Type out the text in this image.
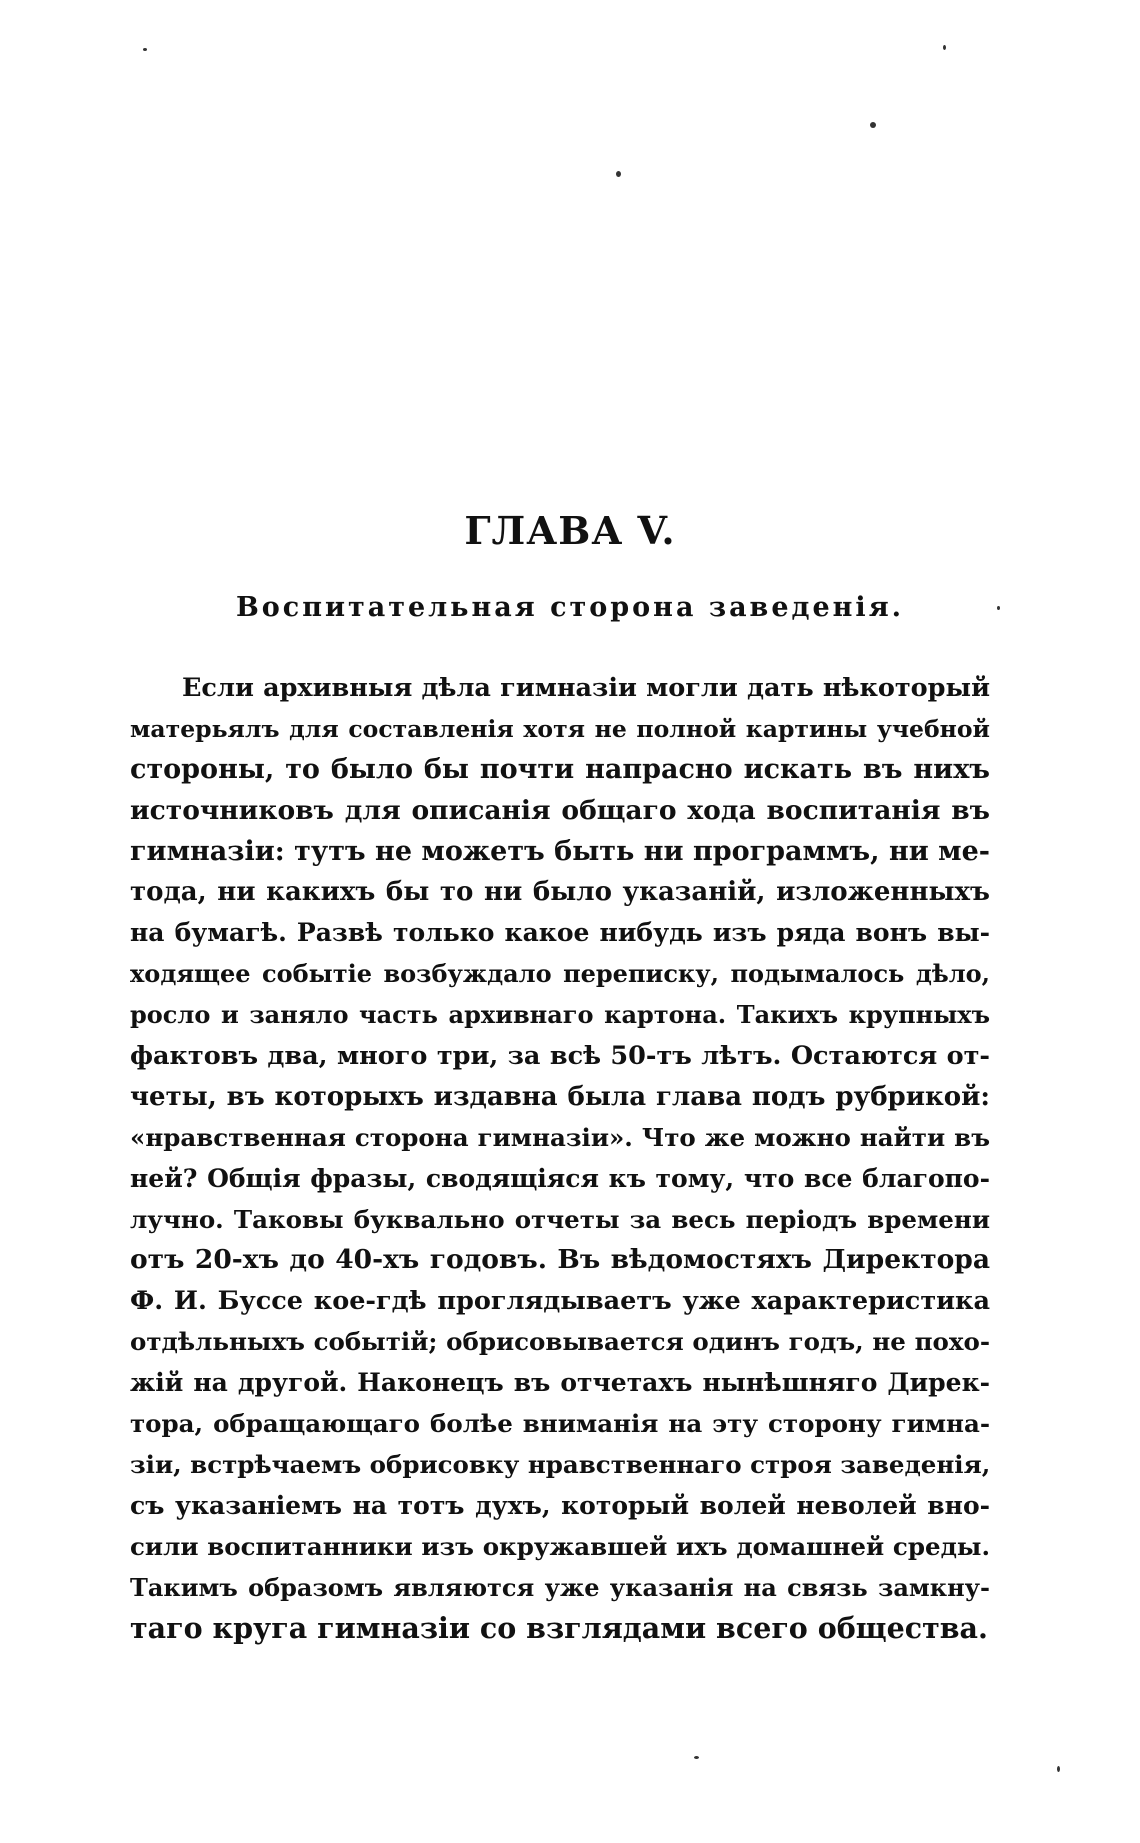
ГЛАВА V.
Воспитательная сторона заведенія.
Если архивныя дѣла гимназіи могли дать нѣкоторый
матерьялъ для составленія хотя не полной картины учебной
стороны, то было бы почти напрасно искать въ нихъ
источниковъ для описанія общаго хода воспитанія въ
гимназіи: тутъ не можетъ быть ни программъ, ни ме-
тода, ни какихъ бы то ни было указаній, изложенныхъ
на бумагѣ. Развѣ только какое нибудь изъ ряда вонъ вы-
ходящее событіе возбуждало переписку, подымалось дѣло,
росло и заняло часть архивнаго картона. Такихъ крупныхъ
фактовъ два, много три, за всѣ 50-тъ лѣтъ. Остаются от-
четы, въ которыхъ издавна была глава подъ рубрикой:
«нравственная сторона гимназіи». Что же можно найти въ
ней? Общія фразы, сводящіяся къ тому, что все благопо-
лучно. Таковы буквально отчеты за весь періодъ времени
отъ 20-хъ до 40-хъ годовъ. Въ вѣдомостяхъ Директора
Ф. И. Буссе кое-гдѣ проглядываетъ уже характеристика
отдѣльныхъ событій; обрисовывается одинъ годъ, не похо-
жій на другой. Наконецъ въ отчетахъ нынѣшняго Дирек-
тора, обращающаго болѣе вниманія на эту сторону гимна-
зіи, встрѣчаемъ обрисовку нравственнаго строя заведенія,
съ указаніемъ на тотъ духъ, который волей неволей вно-
сили воспитанники изъ окружавшей ихъ домашней среды.
Такимъ образомъ являются уже указанія на связь замкну-
таго круга гимназіи со взглядами всего общества.
